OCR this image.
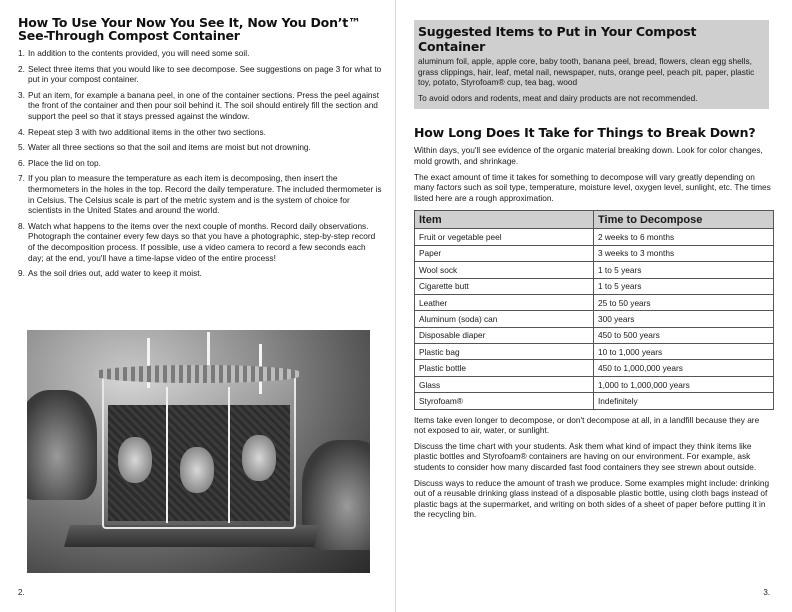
How To Use Your Now You See It, Now You Don’t™
See-Through Compost Container
1. In addition to the contents provided, you will need some soil.
2. Select three items that you would like to see decompose. See suggestions on page 3 for what to put in your compost container.
3. Put an item, for example a banana peel, in one of the container sections. Press the peel against the front of the container and then pour soil behind it. The soil should entirely fill the section and support the peel so that it stays pressed against the window.
4. Repeat step 3 with two additional items in the other two sections.
5. Water all three sections so that the soil and items are moist but not drowning.
6. Place the lid on top.
7. If you plan to measure the temperature as each item is decomposing, then insert the thermometers in the holes in the top. Record the daily temperature. The included thermometer is in Celsius. The Celsius scale is part of the metric system and is the system of choice for scientists in the United States and around the world.
8. Watch what happens to the items over the next couple of months. Record daily observations. Photograph the container every few days so that you have a photographic, step-by-step record of the decomposition process. If possible, use a video camera to record a few seconds each day; at the end, you'll have a time-lapse video of the entire process!
9. As the soil dries out, add water to keep it moist.
2.
Suggested Items to Put in Your Compost Container

aluminum foil, apple, apple core, baby tooth, banana peel, bread, flowers, clean egg shells, grass clippings, hair, leaf, metal nail, newspaper, nuts, orange peel, peach pit, paper, plastic toy, potato, Styrofoam® cup, tea bag, wood

To avoid odors and rodents, meat and dairy products are not recommended.

How Long Does It Take for Things to Break Down?

Within days, you'll see evidence of the organic material breaking down. Look for color changes, mold growth, and shrinkage.

The exact amount of time it takes for something to decompose will vary greatly depending on many factors such as soil type, temperature, moisture level, oxygen level, sunlight, etc. The times listed here are a rough approximation.

Item	Time to Decompose
Fruit or vegetable peel	2 weeks to 6 months
Paper	3 weeks to 3 months
Wool sock	1 to 5 years
Cigarette butt	1 to 5 years
Leather	25 to 50 years
Aluminum (soda) can	300 years
Disposable diaper	450 to 500 years
Plastic bag	10 to 1,000 years
Plastic bottle	450 to 1,000,000 years
Glass	1,000 to 1,000,000 years
Styrofoam®	Indefinitely

Items take even longer to decompose, or don't decompose at all, in a landfill because they are not exposed to air, water, or sunlight.

Discuss the time chart with your students. Ask them what kind of impact they think items like plastic bottles and Styrofoam® containers are having on our environment. For example, ask students to consider how many discarded fast food containers they see strewn about outside.

Discuss ways to reduce the amount of trash we produce. Some examples might include: drinking out of a reusable drinking glass instead of a disposable plastic bottle, using cloth bags instead of plastic bags at the supermarket, and writing on both sides of a sheet of paper before putting it in the recycling bin.

3.
